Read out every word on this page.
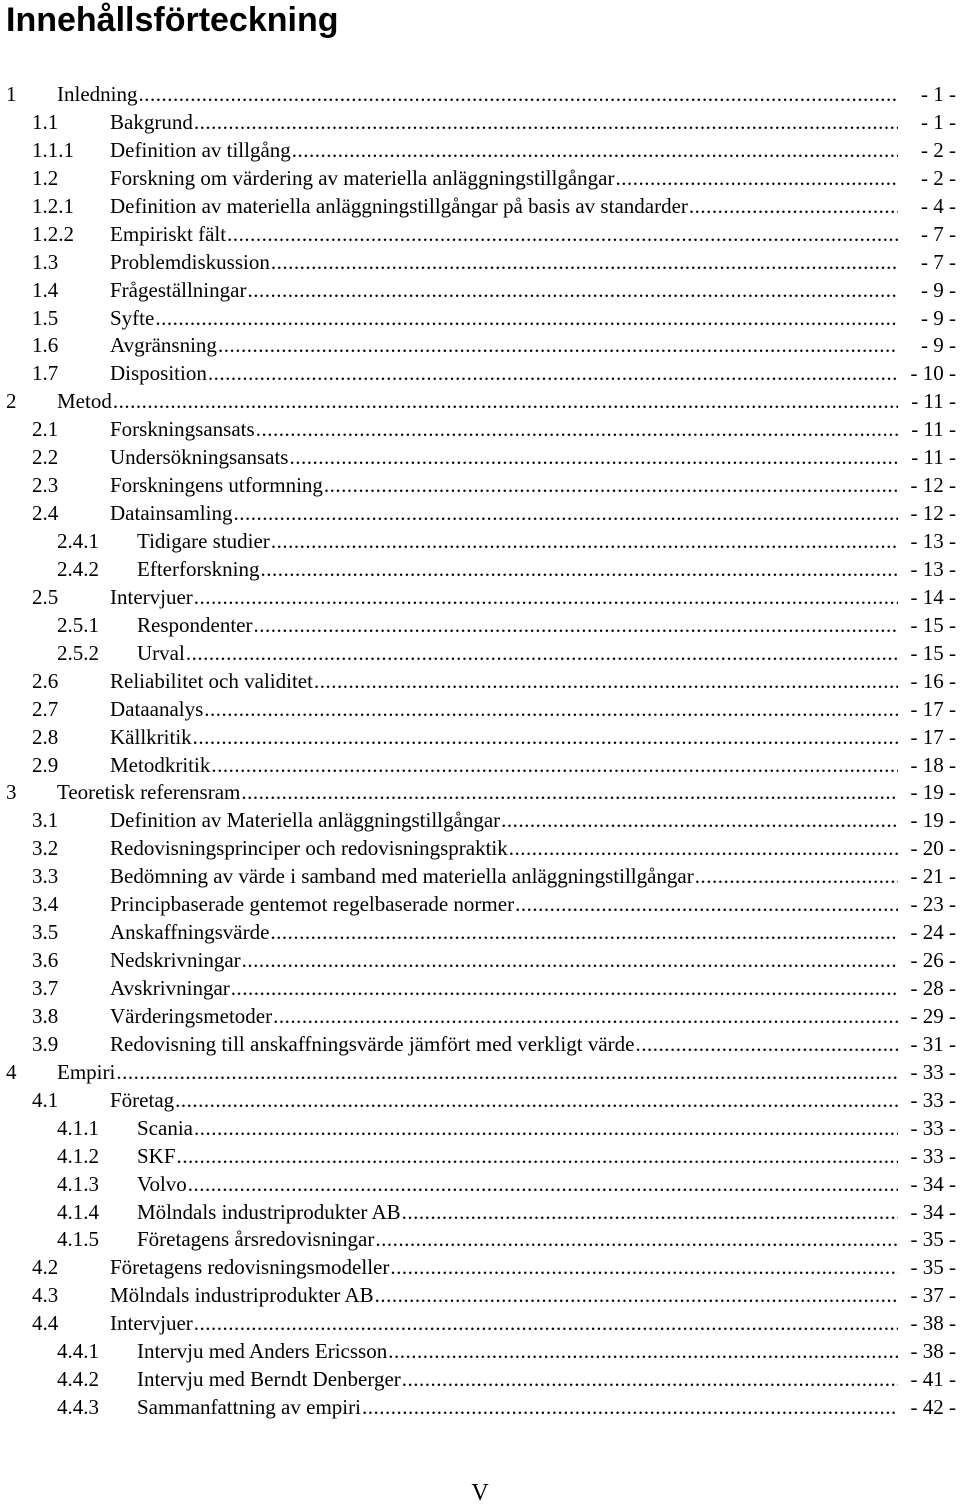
Innehållsförteckning
1 Inledning .....	- 1 -
1.1 Bakgrund .....	- 1 -
1.1.1 Definition av tillgång .....	- 2 -
1.2 Forskning om värdering av materiella anläggningstillgångar .....	- 2 -
1.2.1 Definition av materiella anläggningstillgångar på basis av standarder .....	- 4 -
1.2.2 Empiriskt fält .....	- 7 -
1.3 Problemdiskussion .....	- 7 -
1.4 Frågeställningar .....	- 9 -
1.5 Syfte .....	- 9 -
1.6 Avgränsning .....	- 9 -
1.7 Disposition .....	- 10 -
2 Metod .....	- 11 -
2.1 Forskningsansats .....	- 11 -
2.2 Undersökningsansats .....	- 11 -
2.3 Forskningens utformning .....	- 12 -
2.4 Datainsamling .....	- 12 -
2.4.1 Tidigare studier .....	- 13 -
2.4.2 Efterforskning .....	- 13 -
2.5 Intervjuer .....	- 14 -
2.5.1 Respondenter .....	- 15 -
2.5.2 Urval .....	- 15 -
2.6 Reliabilitet och validitet .....	- 16 -
2.7 Dataanalys .....	- 17 -
2.8 Källkritik .....	- 17 -
2.9 Metodkritik .....	- 18 -
3 Teoretisk referensram .....	- 19 -
3.1 Definition av Materiella anläggningstillgångar .....	- 19 -
3.2 Redovisningsprinciper och redovisningspraktik .....	- 20 -
3.3 Bedömning av värde i samband med materiella anläggningstillgångar .....	- 21 -
3.4 Principbaserade gentemot regelbaserade normer .....	- 23 -
3.5 Anskaffningsvärde .....	- 24 -
3.6 Nedskrivningar .....	- 26 -
3.7 Avskrivningar .....	- 28 -
3.8 Värderingsmetoder .....	- 29 -
3.9 Redovisning till anskaffningsvärde jämfört med verkligt värde .....	- 31 -
4 Empiri .....	- 33 -
4.1 Företag .....	- 33 -
4.1.1 Scania .....	- 33 -
4.1.2 SKF .....	- 33 -
4.1.3 Volvo .....	- 34 -
4.1.4 Mölndals industriprodukter AB .....	- 34 -
4.1.5 Företagens årsredovisningar .....	- 35 -
4.2 Företagens redovisningsmodeller .....	- 35 -
4.3 Mölndals industriprodukter AB .....	- 37 -
4.4 Intervjuer .....	- 38 -
4.4.1 Intervju med Anders Ericsson .....	- 38 -
4.4.2 Intervju med Berndt Denberger .....	- 41 -
4.4.3 Sammanfattning av empiri .....	- 42 -
V
